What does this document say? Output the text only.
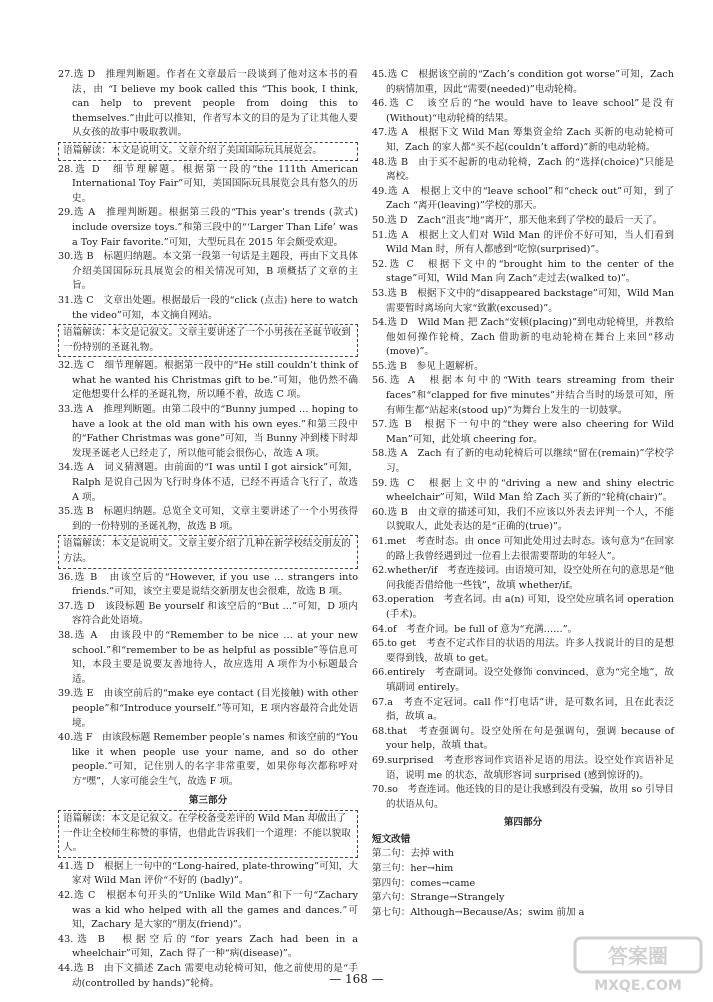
27.选 D　推理判断题。作者在文章最后一段谈到了他对这本书的看法，由 “I believe my book called this “This book, I think, can help to prevent people from doing this to themselves.”由此可以推知，作者写本文的目的是为了让其他人要从女孩的故事中吸取教训。
语篇解读：本文是说明文。文章介绍了美国国际玩具展览会。
28.选 D　细节理解题。根据第一段的“the 111th American International Toy Fair”可知，美国国际玩具展览会具有悠久的历史。
29.选 A　推理判断题。根据第三段的“This year’s trends (款式) include oversize toys.”和第三段中的“‘Larger Than Life’ was a Toy Fair favorite.”可知，大型玩具在 2015 年会颇受欢迎。
30.选 B　标题归纳题。本文第一段第一句话是主题段，再由下文具体介绍美国国际玩具展览会的相关情况可知，B 项概括了文章的主旨。
31.选 C　文章出处题。根据最后一段的“click (点击) here to watch the video”可知，本文摘自网站。
语篇解读：本文是记叙文。文章主要讲述了一个小男孩在圣诞节收到一份特别的圣诞礼物。
32.选 C　细节理解题。根据第一段中的“He still couldn’t think of what he wanted his Christmas gift to be.”可知，他仍然不确定他想要什么样的圣诞礼物，所以睡不着，故选 C 项。
33.选 A　推理判断题。由第二段中的“Bunny jumped … hoping to have a look at the old man with his own eyes.”和第三段中的“Father Christmas was gone”可知，当 Bunny 冲到楼下时却发现圣诞老人已经走了，所以他可能会很伤心，故选 A 项。
34.选 A　词义猜测题。由前面的“I was until I got airsick”可知，Ralph 是说自己因为飞行时身体不适，已经不再适合飞行了，故选 A 项。
35.选 B　标题归纳题。总览全文可知，文章主要讲述了一个小男孩得到的一份特别的圣诞礼物，故选 B 项。
语篇解读：本文是说明文。文章主要介绍了几种在新学校结交朋友的方法。
36.选 B　由该空后的“However, if you use … strangers into friends.”可知，该空主要是说结交新朋友也会很难，故选 B 项。
37.选 D　该段标题 Be yourself 和该空后的“But …”可知，D 项内容符合此处语境。
38.选 A　由该段中的“Remember to be nice … at your new school.”和“remember to be as helpful as possible”等信息可知，本段主要是说要友善地待人，故应选用 A 项作为小标题最合适。
39.选 E　由该空前后的“make eye contact (目光接触) with other people”和“Introduce yourself.”等可知，E 项内容最符合此处语境。
40.选 F　由该段标题 Remember people’s names 和该空前的“You like it when people use your name, and so do other people.”可知，记住别人的名字非常重要，如果你每次都称呼对方“嘿”，人家可能会生气，故选 F 项。
第三部分
语篇解读：本文是记叙文。在学校备受差评的 Wild Man 却做出了一件让全校师生称赞的事情，也借此告诉我们一个道理：不能以貌取人。
41.选 D　根据上一句中的“Long-haired, plate-throwing”可知，大家对 Wild Man 评价“不好的 (badly)”。
42.选 C　根据本句开头的“Unlike Wild Man”和下一句“Zachary was a kid who helped with all the games and dances.”可知，Zachary 是大家的“朋友(friend)”。
43.选 B　根据空后的“for years Zach had been in a wheelchair”可知，Zach 得了一种“病(disease)”。
44.选 B　由下文描述 Zach 需要电动轮椅可知，他之前使用的是“手动(controlled by hands)”轮椅。
45.选 C　根据该空前的“Zach’s condition got worse”可知，Zach 的病情加重，因此“需要(needed)”电动轮椅。
46.选 C　该空后的“he would have to leave school”是没有(Without)“电动轮椅的结果。
47.选 A　根据下文 Wild Man 筹集资金给 Zach 买新的电动轮椅可知，Zach 的家人都“买不起(couldn’t afford)”新的电动轮椅。
48.选 B　由于买不起新的电动轮椅，Zach 的“选择(choice)”只能是离校。
49.选 A　根据上文中的“leave school”和“check out”可知，到了 Zach “离开(leaving)”学校的那天。
50.选 D　Zach“沮丧”地“离开”，那天他来到了学校的最后一天了。
51.选 A　根据上文人们对 Wild Man 的评价不好可知，当人们看到 Wild Man 时，所有人都感到“吃惊(surprised)”。
52.选 C　根据下文中的“brought him to the center of the stage”可知，Wild Man 向 Zach“走过去(walked to)”。
53.选 B　根据下文中的“disappeared backstage”可知，Wild Man 需要暂时离场向大家“致歉(excused)”。
54.选 D　Wild Man 把 Zach“安顿(placing)”到电动轮椅里，并教给他如何操作轮椅，Zach 借助新的电动轮椅在舞台上来回“移动(move)”。
55.选 B　参见上题解析。
56.选 A　根据本句中的“With tears streaming from their faces”和“clapped for five minutes”并结合当时的场景可知，所有师生都“站起来(stood up)”为舞台上发生的一切鼓掌。
57.选 B　根据下一句中的“they were also cheering for Wild Man”可知，此处填 cheering for。
58.选 A　Zach 有了新的电动轮椅后可以继续“留在(remain)”学校学习。
59.选 C　根据上文中的“driving a new and shiny electric wheelchair”可知，Wild Man 给 Zach 买了新的“轮椅(chair)”。
60.选 B　由文章的描述可知，我们不应该以外表去评判一个人，不能以貌取人，此处表达的是“正确的(true)”。
61.met　考查时态。由 once 可知此处用过去时态。该句意为“在回家的路上我曾经遇到过一位看上去很需要帮助的年轻人”。
62.whether/if　考查连接词。由语境可知，设空处所在句的意思是“他问我能否借给他一些钱”，故填 whether/if。
63.operation　考查名词。由 a(n) 可知，设空处应填名词 operation (手术)。
64.of　考查介词。be full of 意为“充满……”。
65.to get　考查不定式作目的状语的用法。许多人找说计的目的是想要得到钱，故填 to get。
66.entirely　考查副词。设空处修饰 convinced，意为“完全地”，故填副词 entirely。
67.a　考查不定冠词。call 作“打电话”讲，是可数名词，且在此表泛指，故填 a。
68.that　考查强调句。设空处所在句是强调句，强调 because of your help，故填 that。
69.surprised　考查形容词作宾语补足语的用法。设空处作宾语补足语，说明 me 的状态，故填形容词 surprised (感到惊讶的)。
70.so　考查连词。他还钱的目的是让我感到没有受骗，故用 so 引导目的状语从句。
第四部分
短文改错
第二句：去掉 with
第三句：her→him
第四句：comes→came
第六句：Strange→Strangely
第七句：Although→Because/As；swim 前加 a
— 168 —
答案圈
MXQE.COM
